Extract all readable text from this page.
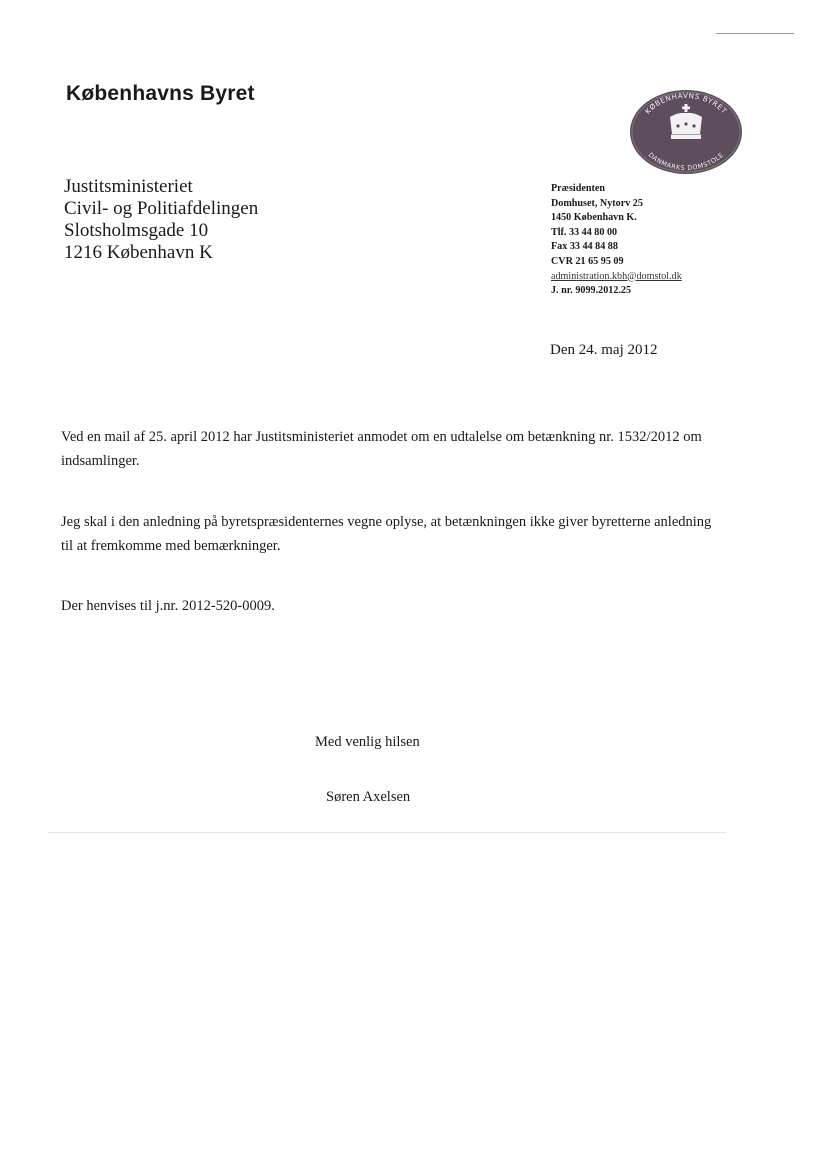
Københavns Byret
KØBENHAVNS BYRET
DANMARKS DOMSTOLE
Justitsministeriet
Civil- og Politiafdelingen
Slotsholmsgade 10
1216 København K
Præsidenten
Domhuset, Nytorv 25
1450 København K.
Tlf. 33 44 80 00
Fax 33 44 84 88
CVR 21 65 95 09
administration.kbh@domstol.dk
J. nr. 9099.2012.25
Den 24. maj 2012
Ved en mail af 25. april 2012 har Justitsministeriet anmodet om en udtalelse om betænkning nr. 1532/2012 om indsamlinger.
Jeg skal i den anledning på byretspræsidenternes vegne oplyse, at betænkningen ikke giver byretterne anledning til at fremkomme med bemærkninger.
Der henvises til j.nr. 2012-520-0009.
Med venlig hilsen
Søren Axelsen
